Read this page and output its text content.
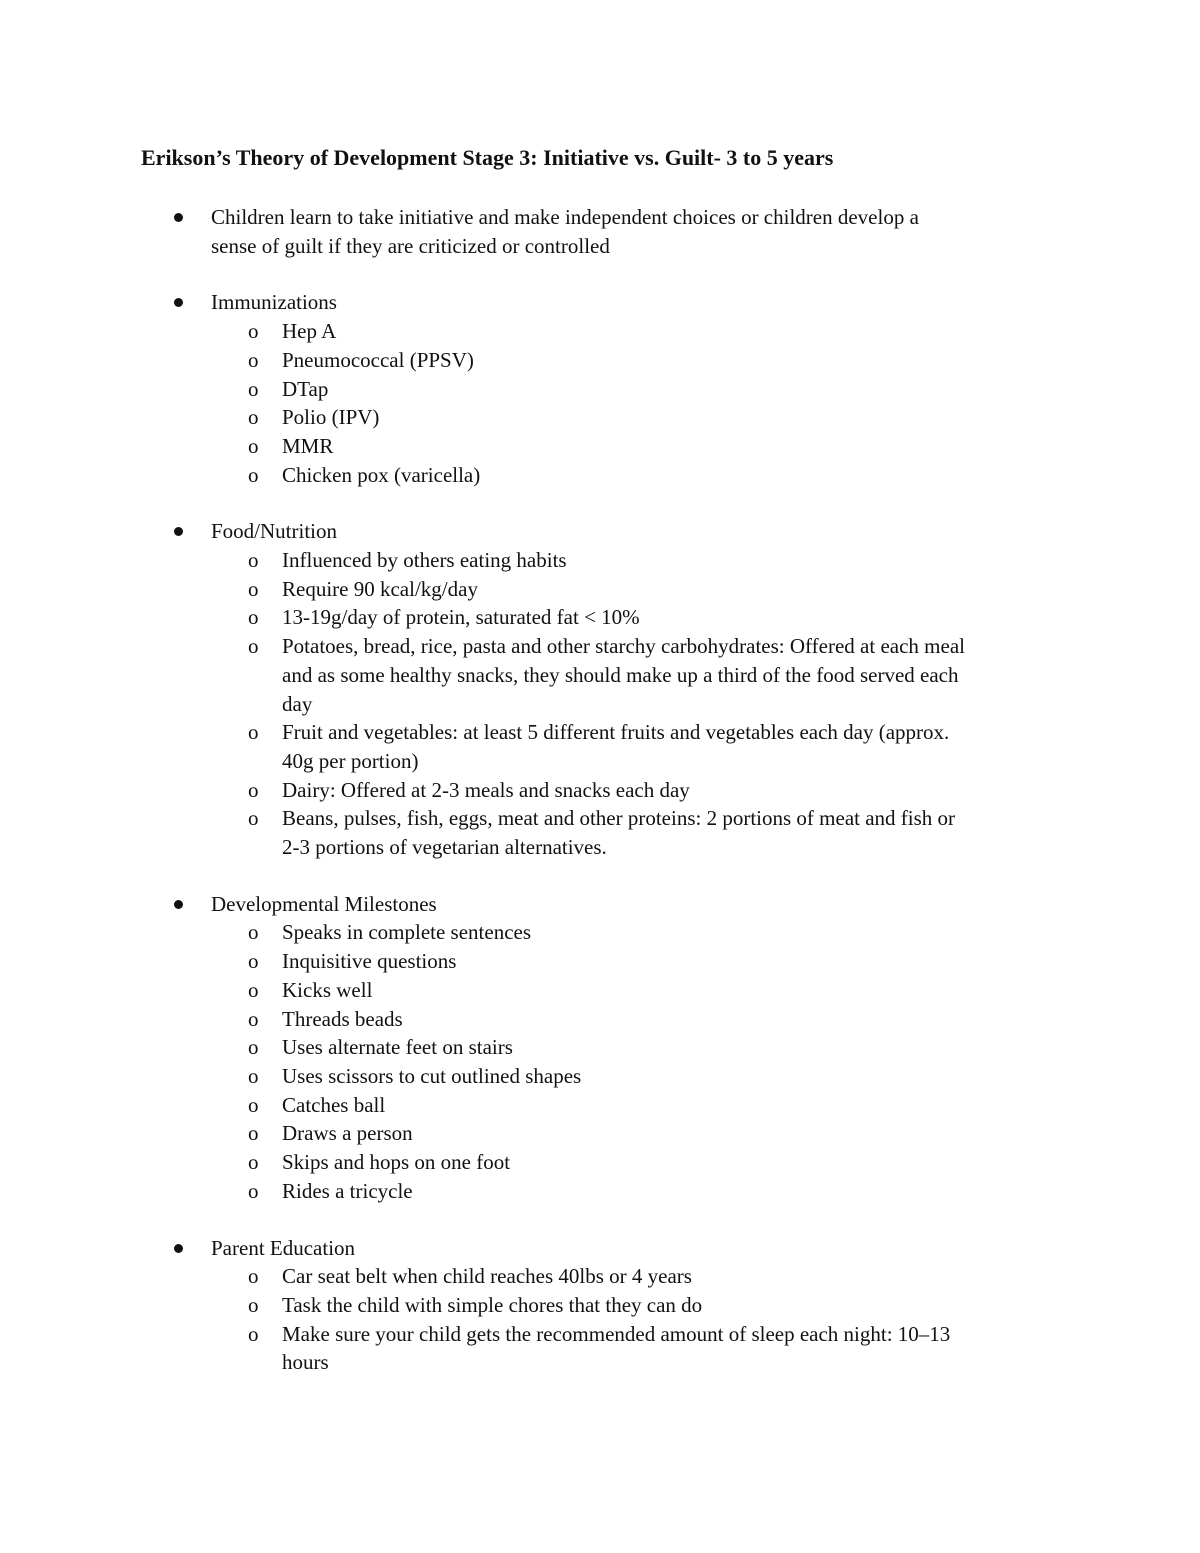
Erikson’s Theory of Development Stage 3: Initiative vs. Guilt- 3 to 5 years
Children learn to take initiative and make independent choices or children develop a
sense of guilt if they are criticized or controlled
Immunizations
o Hep A
o Pneumococcal (PPSV)
o DTap
o Polio (IPV)
o MMR
o Chicken pox (varicella)
Food/Nutrition
o Influenced by others eating habits
o Require 90 kcal/kg/day
o 13-19g/day of protein, saturated fat < 10%
o Potatoes, bread, rice, pasta and other starchy carbohydrates: Offered at each meal
and as some healthy snacks, they should make up a third of the food served each
day
o Fruit and vegetables: at least 5 different fruits and vegetables each day (approx.
40g per portion)
o Dairy: Offered at 2-3 meals and snacks each day
o Beans, pulses, fish, eggs, meat and other proteins: 2 portions of meat and fish or
2-3 portions of vegetarian alternatives.
Developmental Milestones
o Speaks in complete sentences
o Inquisitive questions
o Kicks well
o Threads beads
o Uses alternate feet on stairs
o Uses scissors to cut outlined shapes
o Catches ball
o Draws a person
o Skips and hops on one foot
o Rides a tricycle
Parent Education
o Car seat belt when child reaches 40lbs or 4 years
o Task the child with simple chores that they can do
o Make sure your child gets the recommended amount of sleep each night: 10–13
hours
